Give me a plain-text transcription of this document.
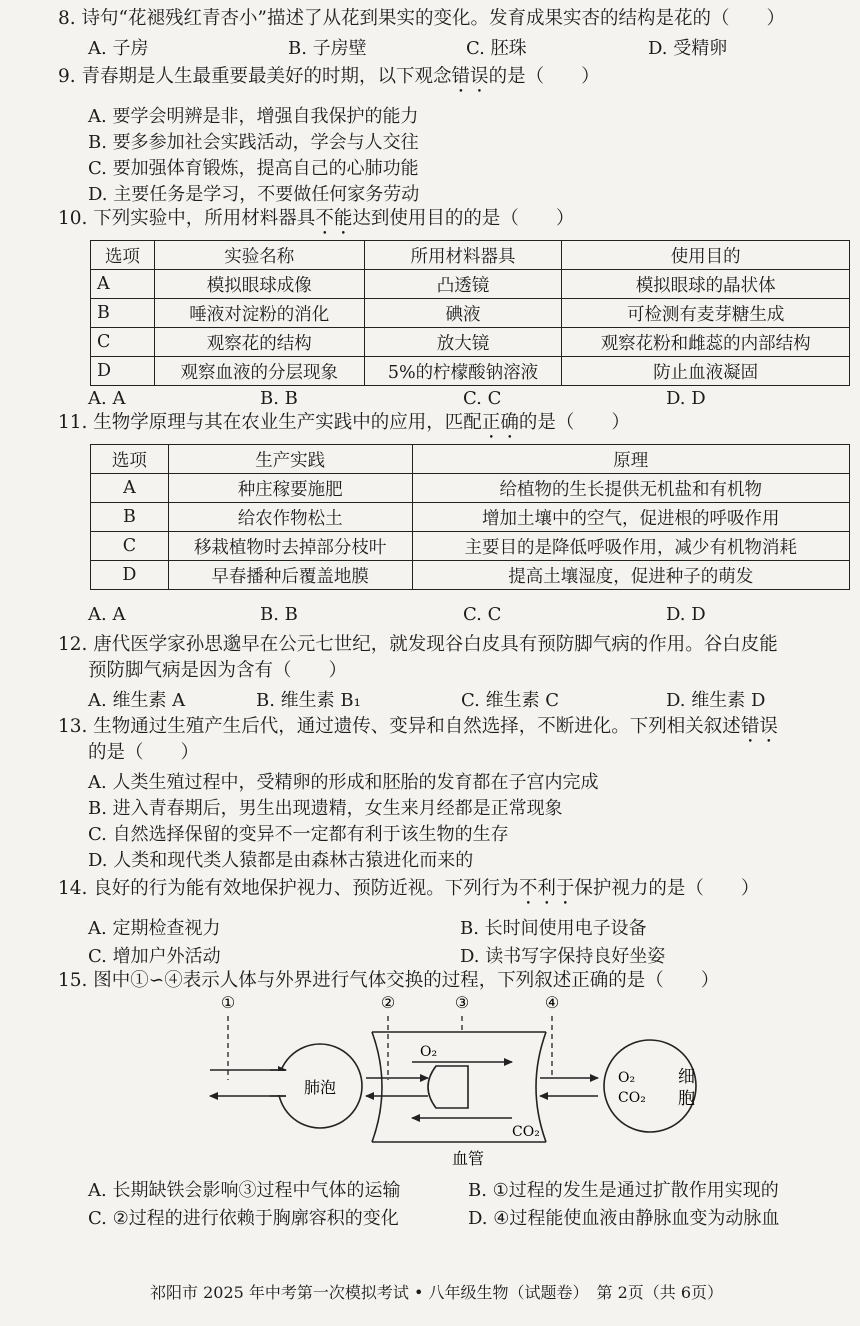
8. 诗句“花褪残红青杏小”描述了从花到果实的变化。发育成果实杏的结构是花的（　　）
A. 子房	B. 子房壁	C. 胚珠	D. 受精卵
9. 青春期是人生最重要最美好的时期，以下观念错误的是（　　）
A. 要学会明辨是非，增强自我保护的能力
B. 要多参加社会实践活动，学会与人交往
C. 要加强体育锻炼，提高自己的心肺功能
D. 主要任务是学习，不要做任何家务劳动
10. 下列实验中，所用材料器具不能达到使用目的的是（　　）
选项	实验名称	所用材料器具	使用目的
A	模拟眼球成像	凸透镜	模拟眼球的晶状体
B	唾液对淀粉的消化	碘液	可检测有麦芽糖生成
C	观察花的结构	放大镜	观察花粉和雌蕊的内部结构
D	观察血液的分层现象	5%的柠檬酸钠溶液	防止血液凝固
A. A	B. B	C. C	D. D
11. 生物学原理与其在农业生产实践中的应用，匹配正确的是（　　）
选项	生产实践	原理
A	种庄稼要施肥	给植物的生长提供无机盐和有机物
B	给农作物松土	增加土壤中的空气，促进根的呼吸作用
C	移栽植物时去掉部分枝叶	主要目的是降低呼吸作用，减少有机物消耗
D	早春播种后覆盖地膜	提高土壤湿度，促进种子的萌发
A. A	B. B	C. C	D. D
12. 唐代医学家孙思邈早在公元七世纪，就发现谷白皮具有预防脚气病的作用。谷白皮能
预防脚气病是因为含有（　　）
A. 维生素 A	B. 维生素 B₁	C. 维生素 C	D. 维生素 D
13. 生物通过生殖产生后代，通过遗传、变异和自然选择，不断进化。下列相关叙述错误
的是（　　）
A. 人类生殖过程中，受精卵的形成和胚胎的发育都在子宫内完成
B. 进入青春期后，男生出现遗精，女生来月经都是正常现象
C. 自然选择保留的变异不一定都有利于该生物的生存
D. 人类和现代类人猿都是由森林古猿进化而来的
14. 良好的行为能有效地保护视力、预防近视。下列行为不利于保护视力的是（　　）
A. 定期检查视力	B. 长时间使用电子设备
C. 增加户外活动	D. 读书写字保持良好坐姿
15. 图中①∽④表示人体与外界进行气体交换的过程，下列叙述正确的是（　　）
①	②	③	④
肺泡
O₂
CO₂
O₂
CO₂
细
胞
血管
A. 长期缺铁会影响③过程中气体的运输	B. ①过程的发生是通过扩散作用实现的
C. ②过程的进行依赖于胸廓容积的变化	D. ④过程能使血液由静脉血变为动脉血
祁阳市 2025 年中考第一次模拟考试 • 八年级生物（试题卷）　第 2页（共 6页）
